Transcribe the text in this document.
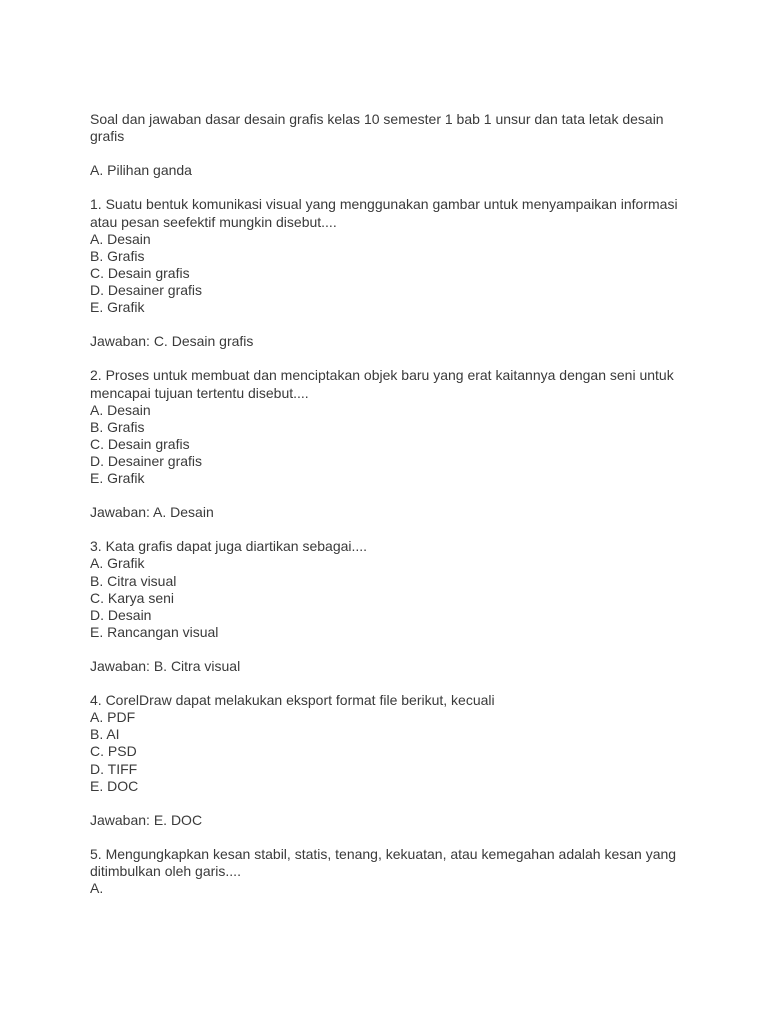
Soal dan jawaban dasar desain grafis kelas 10 semester 1 bab 1 unsur dan tata letak desain grafis
A. Pilihan ganda
1. Suatu bentuk komunikasi visual yang menggunakan gambar untuk menyampaikan informasi atau pesan seefektif mungkin disebut....
A. Desain
B. Grafis
C. Desain grafis
D. Desainer grafis
E. Grafik
Jawaban: C. Desain grafis
2. Proses untuk membuat dan menciptakan objek baru yang erat kaitannya dengan seni untuk mencapai tujuan tertentu disebut....
A. Desain
B. Grafis
C. Desain grafis
D. Desainer grafis
E. Grafik
Jawaban: A. Desain
3. Kata grafis dapat juga diartikan sebagai....
A. Grafik
B. Citra visual
C. Karya seni
D. Desain
E. Rancangan visual
Jawaban: B. Citra visual
4. CorelDraw dapat melakukan eksport format file berikut, kecuali
A. PDF
B. AI
C. PSD
D. TIFF
E. DOC
Jawaban: E. DOC
5. Mengungkapkan kesan stabil, statis, tenang, kekuatan, atau kemegahan adalah kesan yang ditimbulkan oleh garis....
A.
